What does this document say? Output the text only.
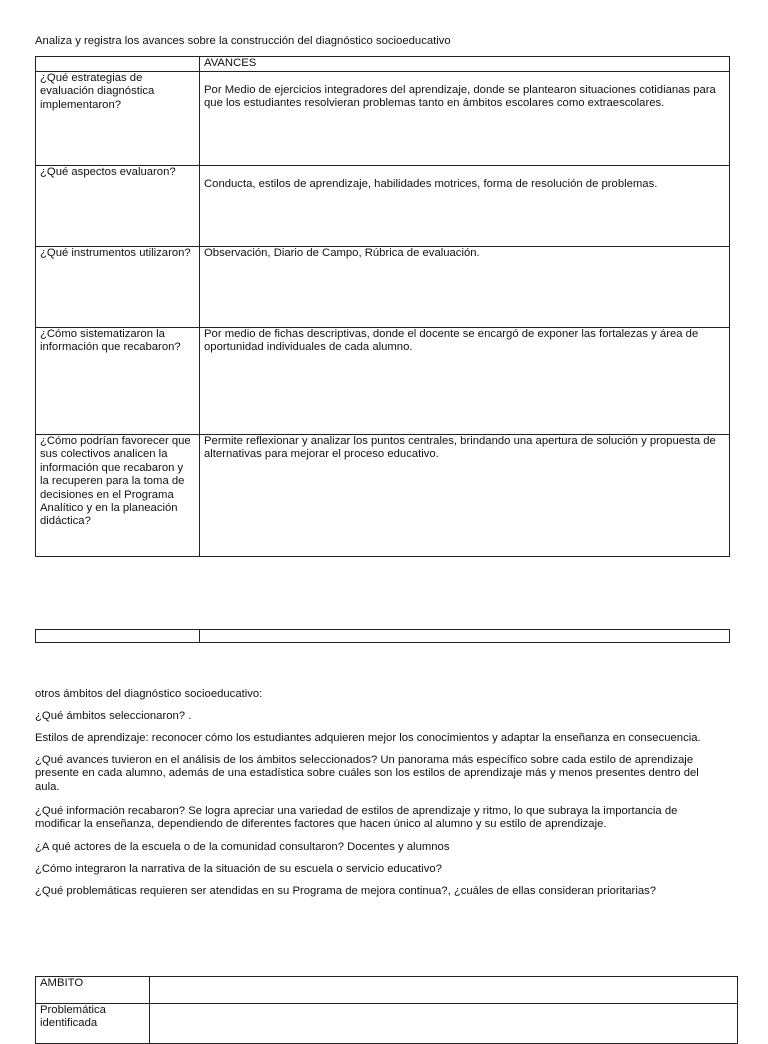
Analiza y registra los avances sobre la construcción del diagnóstico socioeducativo
	AVANCES
¿Qué estrategias de evaluación diagnóstica implementaron?	Por Medio de ejercicios integradores del aprendizaje, donde se plantearon situaciones cotidianas para que los estudiantes resolvieran problemas tanto en ámbitos escolares como extraescolares.
¿Qué aspectos evaluaron?	Conducta, estilos de aprendizaje, habilidades motrices, forma de resolución de problemas.
¿Qué instrumentos utilizaron?	Observación, Diario de Campo, Rúbrica de evaluación.
¿Cómo sistematizaron la información que recabaron?	Por medio de fichas descriptivas, donde el docente se encargó de exponer las fortalezas y área de oportunidad individuales de cada alumno.
¿Cómo podrían favorecer que sus colectivos analicen la información que recabaron y la recuperen para la toma de decisiones en el Programa Analítico y en la planeación didáctica?	Permite reflexionar y analizar los puntos centrales, brindando una apertura de solución y propuesta de alternativas para mejorar el proceso educativo.

otros ámbitos del diagnóstico socioeducativo:
¿Qué ámbitos seleccionaron? .
Estilos de aprendizaje: reconocer cómo los estudiantes adquieren mejor los conocimientos y adaptar la enseñanza en consecuencia.
¿Qué avances tuvieron en el análisis de los ámbitos seleccionados? Un panorama más específico sobre cada estilo de aprendizaje presente en cada alumno, además de una estadística sobre cuáles son los estilos de aprendizaje más y menos presentes dentro del aula.
¿Qué información recabaron? Se logra apreciar una variedad de estilos de aprendizaje y ritmo, lo que subraya la importancia de modificar la enseñanza, dependiendo de diferentes factores que hacen único al alumno y su estilo de aprendizaje.
¿A qué actores de la escuela o de la comunidad consultaron? Docentes y alumnos
¿Cómo integraron la narrativa de la situación de su escuela o servicio educativo?
¿Qué problemáticas requieren ser atendidas en su Programa de mejora continua?, ¿cuáles de ellas consideran prioritarias?
AMBITO	
Problemática identificada	
